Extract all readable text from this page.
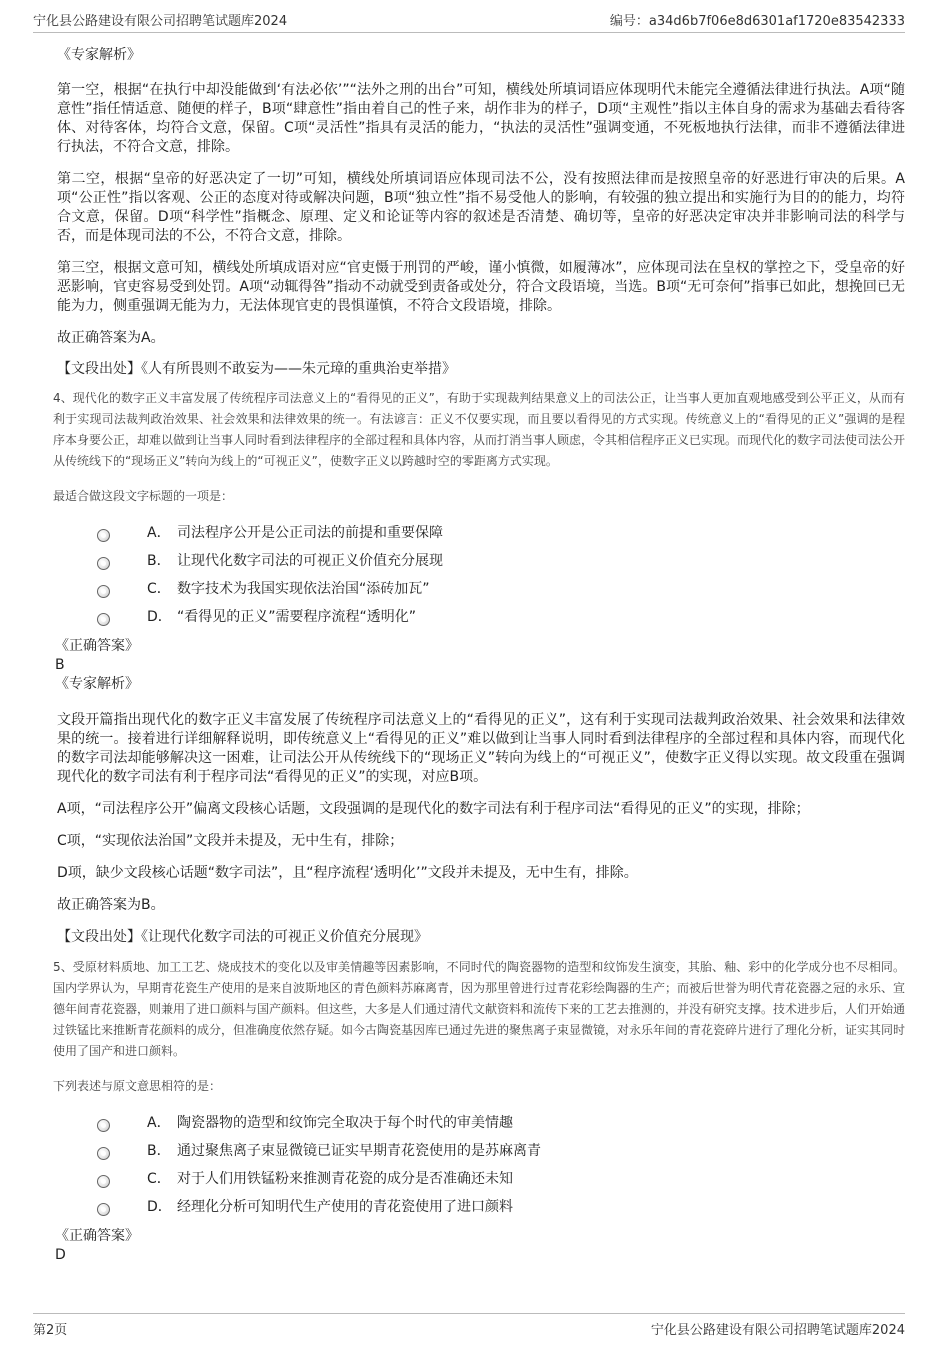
宁化县公路建设有限公司招聘笔试题库2024	编号：a34d6b7f06e8d6301af1720e83542333

《专家解析》

第一空，根据“在执行中却没能做到‘有法必依’”“法外之刑的出台”可知，横线处所填词语应体现明代未能完全遵循法律进行执法。A项“随意性”指任情适意、随便的样子，B项“肆意性”指由着自己的性子来，胡作非为的样子，D项“主观性”指以主体自身的需求为基础去看待客体、对待客体，均符合文意，保留。C项“灵活性”指具有灵活的能力，“执法的灵活性”强调变通，不死板地执行法律，而非不遵循法律进行执法，不符合文意，排除。

第二空，根据“皇帝的好恶决定了一切”可知，横线处所填词语应体现司法不公，没有按照法律而是按照皇帝的好恶进行审决的后果。A项“公正性”指以客观、公正的态度对待或解决问题，B项“独立性”指不易受他人的影响，有较强的独立提出和实施行为目的的能力，均符合文意，保留。D项“科学性”指概念、原理、定义和论证等内容的叙述是否清楚、确切等，皇帝的好恶决定审决并非影响司法的科学与否，而是体现司法的不公，不符合文意，排除。

第三空，根据文意可知，横线处所填成语对应“官吏慑于刑罚的严峻，谨小慎微，如履薄冰”，应体现司法在皇权的掌控之下，受皇帝的好恶影响，官吏容易受到处罚。A项“动辄得咎”指动不动就受到责备或处分，符合文段语境，当选。B项“无可奈何”指事已如此，想挽回已无能为力，侧重强调无能为力，无法体现官吏的畏惧谨慎，不符合文段语境，排除。

故正确答案为A。

【文段出处】《人有所畏则不敢妄为——朱元璋的重典治吏举措》

4、现代化的数字正义丰富发展了传统程序司法意义上的“看得见的正义”，有助于实现裁判结果意义上的司法公正，让当事人更加直观地感受到公平正义，从而有利于实现司法裁判政治效果、社会效果和法律效果的统一。有法谚言：正义不仅要实现，而且要以看得见的方式实现。传统意义上的“看得见的正义”强调的是程序本身要公正，却难以做到让当事人同时看到法律程序的全部过程和具体内容，从而打消当事人顾虑，令其相信程序正义已实现。而现代化的数字司法使司法公开从传统线下的“现场正义”转向为线上的“可视正义”，使数字正义以跨越时空的零距离方式实现。

最适合做这段文字标题的一项是：

A． 司法程序公开是公正司法的前提和重要保障
B． 让现代化数字司法的可视正义价值充分展现
C． 数字技术为我国实现依法治国“添砖加瓦”
D． “看得见的正义”需要程序流程“透明化”

《正确答案》

B

《专家解析》

文段开篇指出现代化的数字正义丰富发展了传统程序司法意义上的“看得见的正义”，这有利于实现司法裁判政治效果、社会效果和法律效果的统一。接着进行详细解释说明，即传统意义上“看得见的正义”难以做到让当事人同时看到法律程序的全部过程和具体内容，而现代化的数字司法却能够解决这一困难，让司法公开从传统线下的“现场正义”转向为线上的“可视正义”，使数字正义得以实现。故文段重在强调现代化的数字司法有利于程序司法“看得见的正义”的实现，对应B项。

A项，“司法程序公开”偏离文段核心话题，文段强调的是现代化的数字司法有利于程序司法“看得见的正义”的实现，排除；

C项，“实现依法治国”文段并未提及，无中生有，排除；

D项，缺少文段核心话题“数字司法”，且“程序流程‘透明化’”文段并未提及，无中生有，排除。

故正确答案为B。

【文段出处】《让现代化数字司法的可视正义价值充分展现》

5、受原材料质地、加工工艺、烧成技术的变化以及审美情趣等因素影响，不同时代的陶瓷器物的造型和纹饰发生演变，其胎、釉、彩中的化学成分也不尽相同。国内学界认为，早期青花瓷生产使用的是来自波斯地区的青色颜料苏麻离青，因为那里曾进行过青花彩绘陶器的生产；而被后世誉为明代青花瓷器之冠的永乐、宣德年间青花瓷器，则兼用了进口颜料与国产颜料。但这些，大多是人们通过清代文献资料和流传下来的工艺去推测的，并没有研究支撑。技术进步后，人们开始通过铁锰比来推断青花颜料的成分，但准确度依然存疑。如今古陶瓷基因库已通过先进的聚焦离子束显微镜，对永乐年间的青花瓷碎片进行了理化分析，证实其同时使用了国产和进口颜料。

下列表述与原文意思相符的是：

A． 陶瓷器物的造型和纹饰完全取决于每个时代的审美情趣
B． 通过聚焦离子束显微镜已证实早期青花瓷使用的是苏麻离青
C． 对于人们用铁锰粉来推测青花瓷的成分是否准确还未知
D． 经理化分析可知明代生产使用的青花瓷使用了进口颜料

《正确答案》

D

第2页	宁化县公路建设有限公司招聘笔试题库2024
